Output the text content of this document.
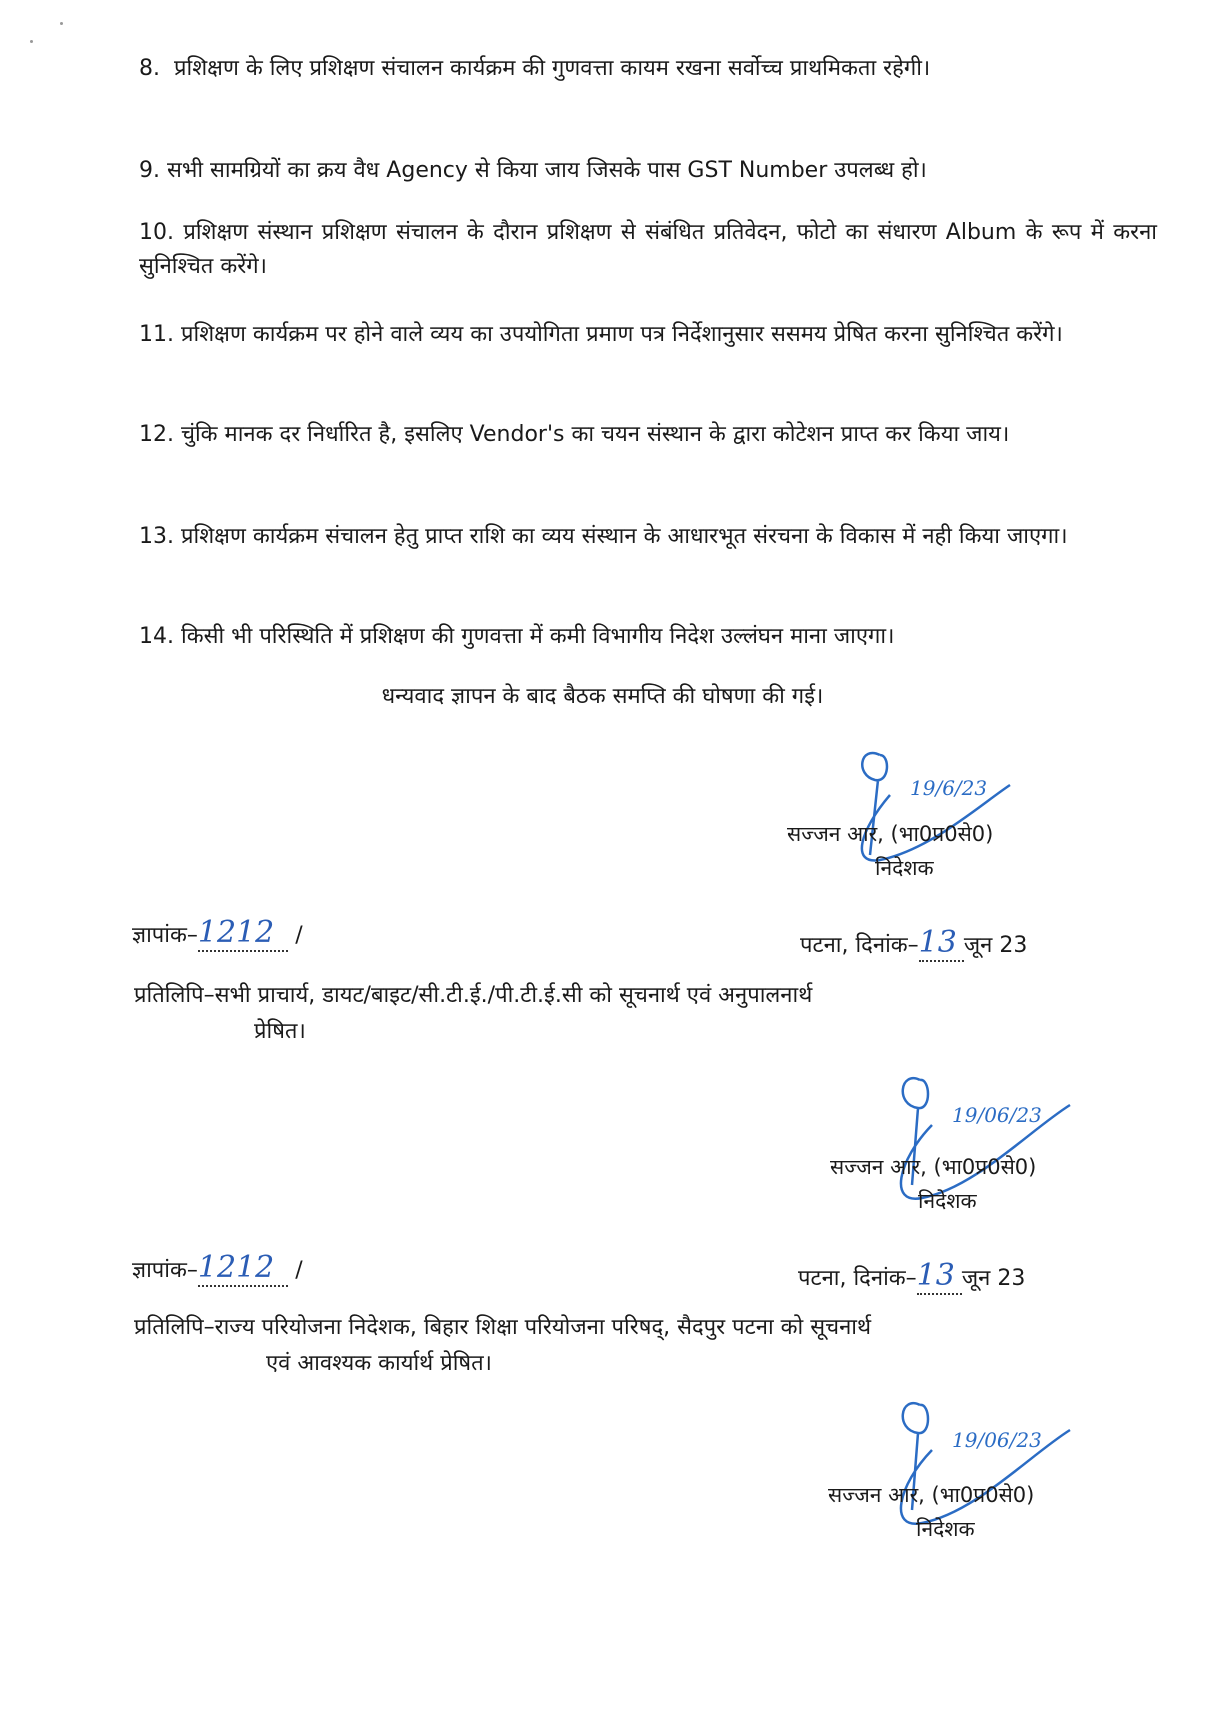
8. प्रशिक्षण के लिए प्रशिक्षण संचालन कार्यक्रम की गुणवत्ता कायम रखना सर्वोच्च प्राथमिकता रहेगी।

9. सभी सामग्रियों का क्रय वैध Agency से किया जाय जिसके पास GST Number उपलब्ध हो।

10. प्रशिक्षण संस्थान प्रशिक्षण संचालन के दौरान प्रशिक्षण से संबंधित प्रतिवेदन, फोटो का संधारण Album के रूप में करना सुनिश्चित करेंगे।

11. प्रशिक्षण कार्यक्रम पर होने वाले व्यय का उपयोगिता प्रमाण पत्र निर्देशानुसार ससमय प्रेषित करना सुनिश्चित करेंगे।

12. चुंकि मानक दर निर्धारित है, इसलिए Vendor's का चयन संस्थान के द्वारा कोटेशन प्राप्त कर किया जाय।

13. प्रशिक्षण कार्यक्रम संचालन हेतु प्राप्त राशि का व्यय संस्थान के आधारभूत संरचना के विकास में नही किया जाएगा।

14. किसी भी परिस्थिति में प्रशिक्षण की गुणवत्ता में कमी विभागीय निदेश उल्लंघन माना जाएगा।

धन्यवाद ज्ञापन के बाद बैठक समप्ति की घोषणा की गई।
19/6/23
सज्जन आर, (भा0प्र0से0)
निदेशक
ज्ञापांक–1212 /	पटना, दिनांक–13 जून 23

प्रतिलिपि–सभी प्राचार्य, डायट/बाइट/सी.टी.ई./पी.टी.ई.सी को सूचनार्थ एवं अनुपालनार्थ
प्रेषित।

19/06/23
सज्जन आर, (भा0प्र0से0)
निदेशक
ज्ञापांक–1212 /	पटना, दिनांक–13 जून 23

प्रतिलिपि–राज्य परियोजना निदेशक, बिहार शिक्षा परियोजना परिषद्, सैदपुर पटना को सूचनार्थ
एवं आवश्यक कार्यार्थ प्रेषित।

19/06/23
सज्जन आर, (भा0प्र0से0)
निदेशक
